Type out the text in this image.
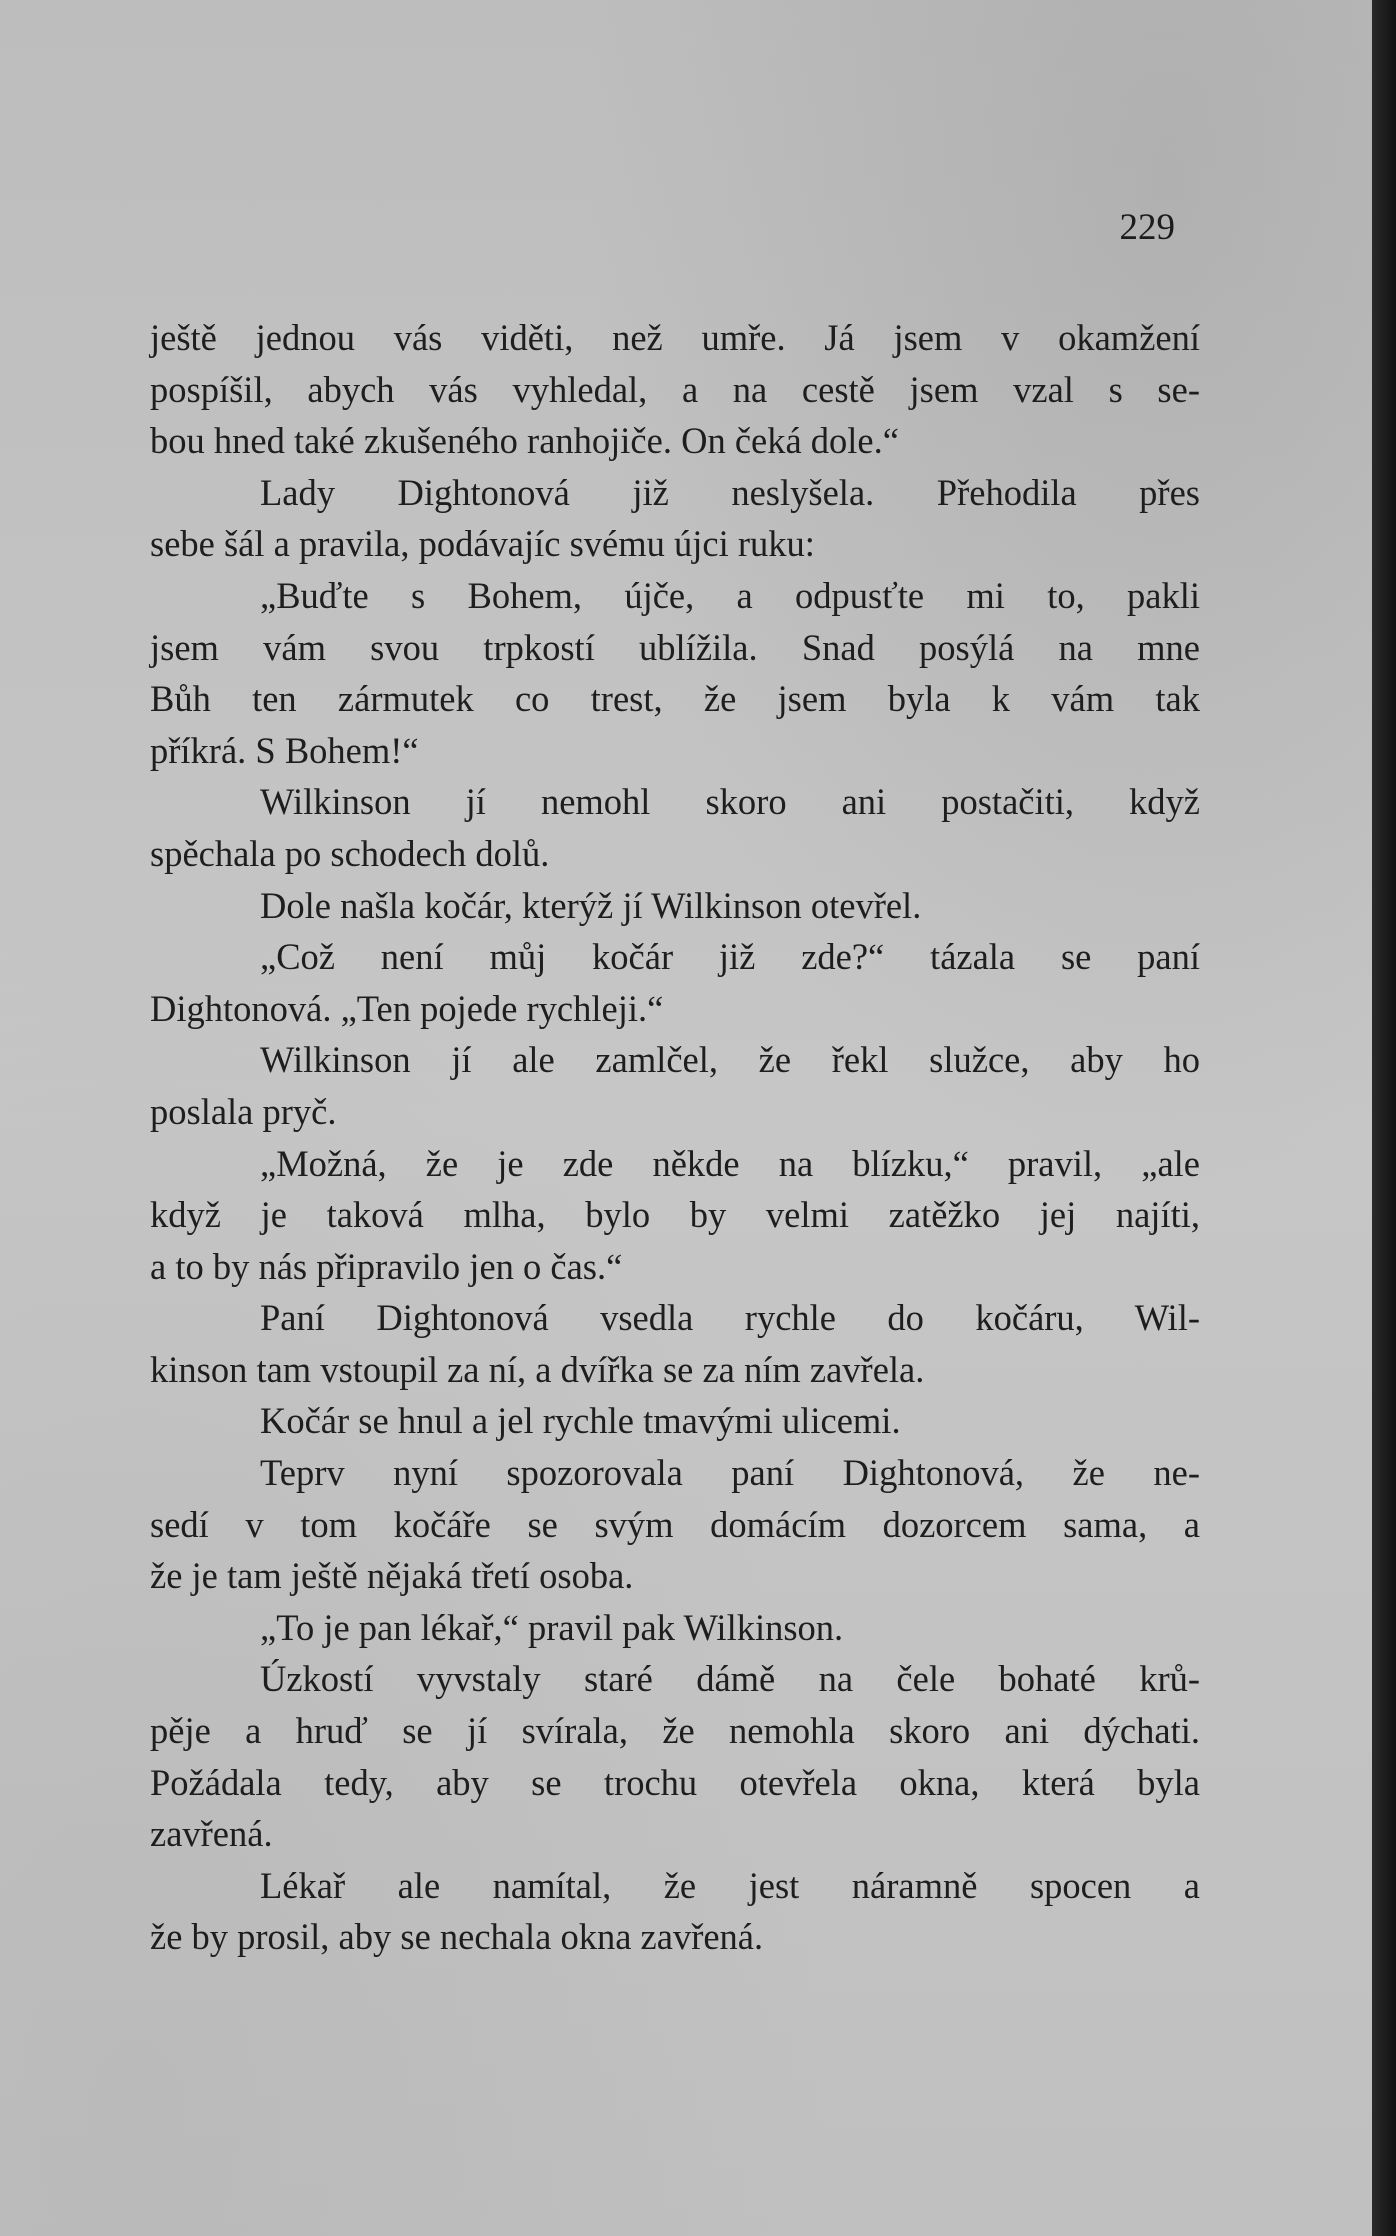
229
ještě jednou vás viděti, než umře. Já jsem v okamžení
pospíšil, abych vás vyhledal, a na cestě jsem vzal s se-
bou hned také zkušeného ranhojiče. On čeká dole.“
Lady Dightonová již neslyšela. Přehodila přes
sebe šál a pravila, podávajíc svému újci ruku:
„Buďte s Bohem, újče, a odpusťte mi to, pakli
jsem vám svou trpkostí ublížila. Snad posýlá na mne
Bůh ten zármutek co trest, že jsem byla k vám tak
příkrá. S Bohem!“
Wilkinson jí nemohl skoro ani postačiti, když
spěchala po schodech dolů.
Dole našla kočár, kterýž jí Wilkinson otevřel.
„Což není můj kočár již zde?“ tázala se paní
Dightonová. „Ten pojede rychleji.“
Wilkinson jí ale zamlčel, že řekl služce, aby ho
poslala pryč.
„Možná, že je zde někde na blízku,“ pravil, „ale
když je taková mlha, bylo by velmi zatěžko jej najíti,
a to by nás připravilo jen o čas.“
Paní Dightonová vsedla rychle do kočáru, Wil-
kinson tam vstoupil za ní, a dvířka se za ním zavřela.
Kočár se hnul a jel rychle tmavými ulicemi.
Teprv nyní spozorovala paní Dightonová, že ne-
sedí v tom kočáře se svým domácím dozorcem sama, a
že je tam ještě nějaká třetí osoba.
„To je pan lékař,“ pravil pak Wilkinson.
Úzkostí vyvstaly staré dámě na čele bohaté krů-
pěje a hruď se jí svírala, že nemohla skoro ani dýchati.
Požádala tedy, aby se trochu otevřela okna, která byla
zavřená.
Lékař ale namítal, že jest náramně spocen a
že by prosil, aby se nechala okna zavřená.
